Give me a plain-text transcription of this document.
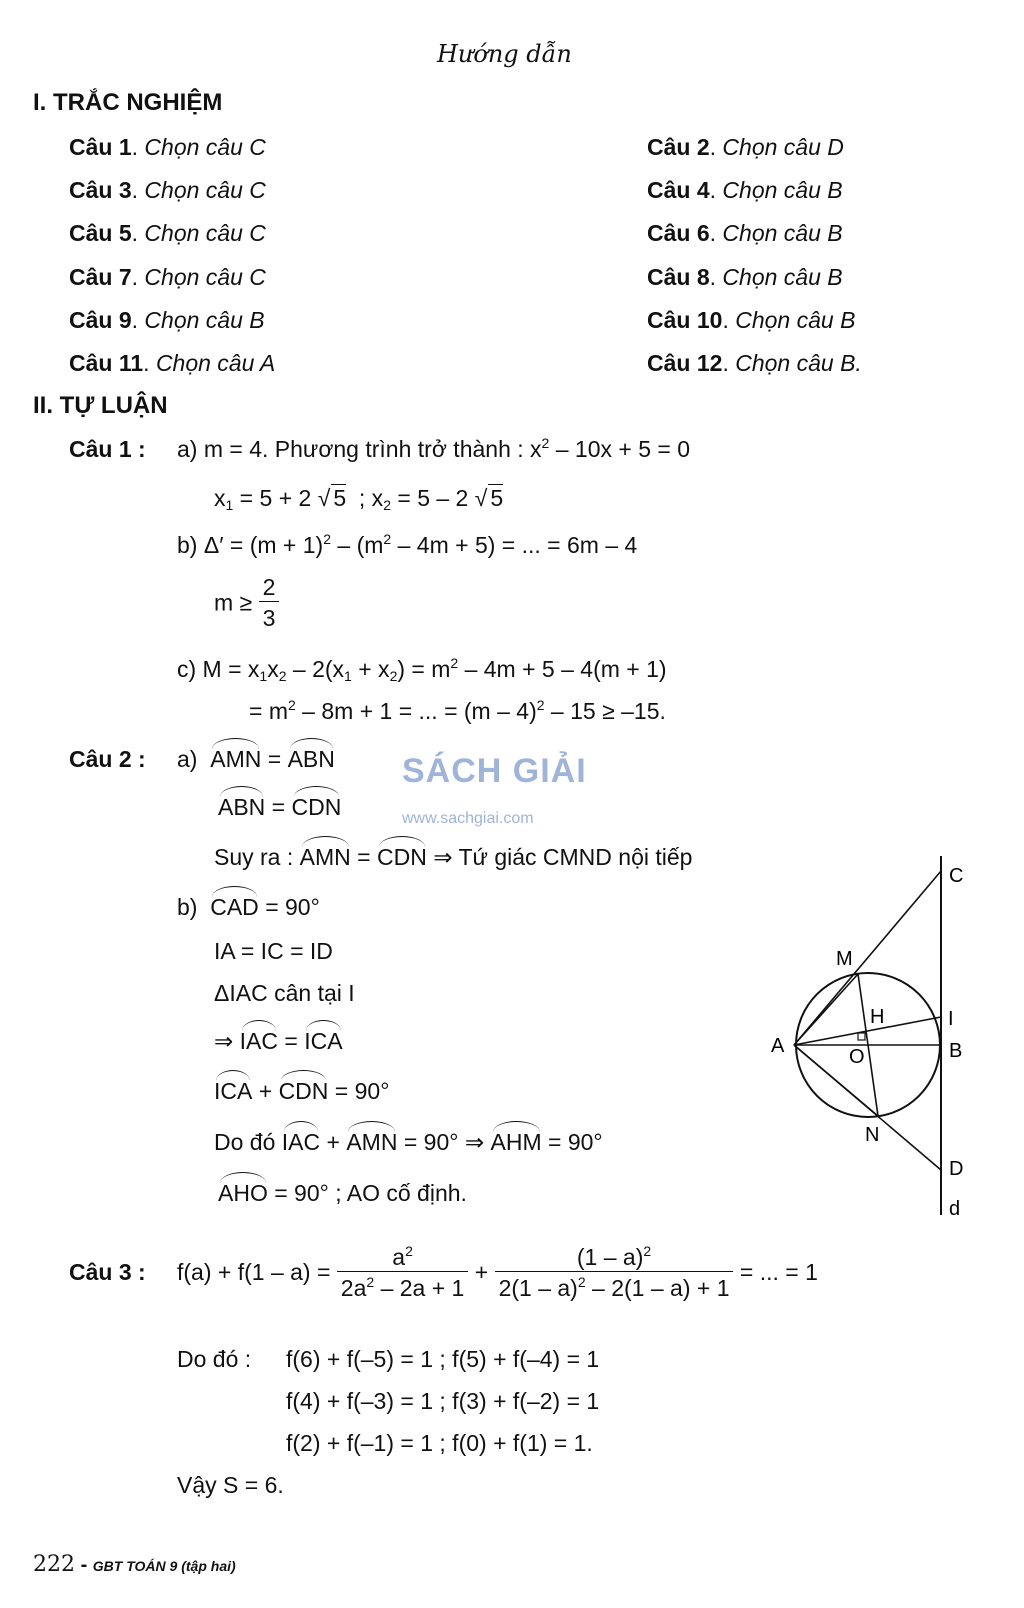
Hướng dẫn
I. TRẮC NGHIỆM
Câu 1. Chọn câu C	Câu 2. Chọn câu D
Câu 3. Chọn câu C	Câu 4. Chọn câu B
Câu 5. Chọn câu C	Câu 6. Chọn câu B
Câu 7. Chọn câu C	Câu 8. Chọn câu B
Câu 9. Chọn câu B	Câu 10. Chọn câu B
Câu 11. Chọn câu A	Câu 12. Chọn câu B.
II. TỰ LUẬN
Câu 1 : a) m = 4. Phương trình trở thành : $x^2 - 10x + 5 = 0$
$x_1 = 5 + 2$ √ 5  ; $x_2 = 5 - 2$ √ 5
b) $\Delta' = (m + 1)^2 - (m^2 - 4m + 5)$ = ... = 6m – 4
$m \ge \frac{2}{3}$
c) $M = x_1x_2 - 2(x_1 + x_2) = m^2 - 4m + 5 - 4(m + 1)$
= $m^2 - 8m + 1$ = ... = (m – 4)$^2$ – 15 ≥ –15.
Câu 2 : a) AMN = ABN
ABN = CDN
Suy ra : AMN = CDN ⇒ Tứ giác CMND nội tiếp
b) CAD = 90°
IA = IC = ID
ΔIAC cân tại I
⇒ IAC = ICA
ICA + CDN = 90°
Do đó IAC + AMN = 90° ⇒ AHM = 90°
AHO = 90° ; AO cố định.
SÁCH GIẢI
www.sachgiai.com
C
M
H	I
A	O	B
N
D
d
Câu 3 : f(a) + f(1 – a) =
$\frac{a^2}{2a^2 - 2a + 1} + \frac{(1 - a)^2}{2(1 - a)^2 - 2(1 - a) + 1}$
= ... = 1
Do đó : f(6) + f(–5) = 1 ; f(5) + f(–4) = 1
f(4) + f(–3) = 1 ; f(3) + f(–2) = 1
f(2) + f(–1) = 1 ; f(0) + f(1) = 1.
Vậy S = 6.
222 - GBT TOÁN 9 (tập hai)
